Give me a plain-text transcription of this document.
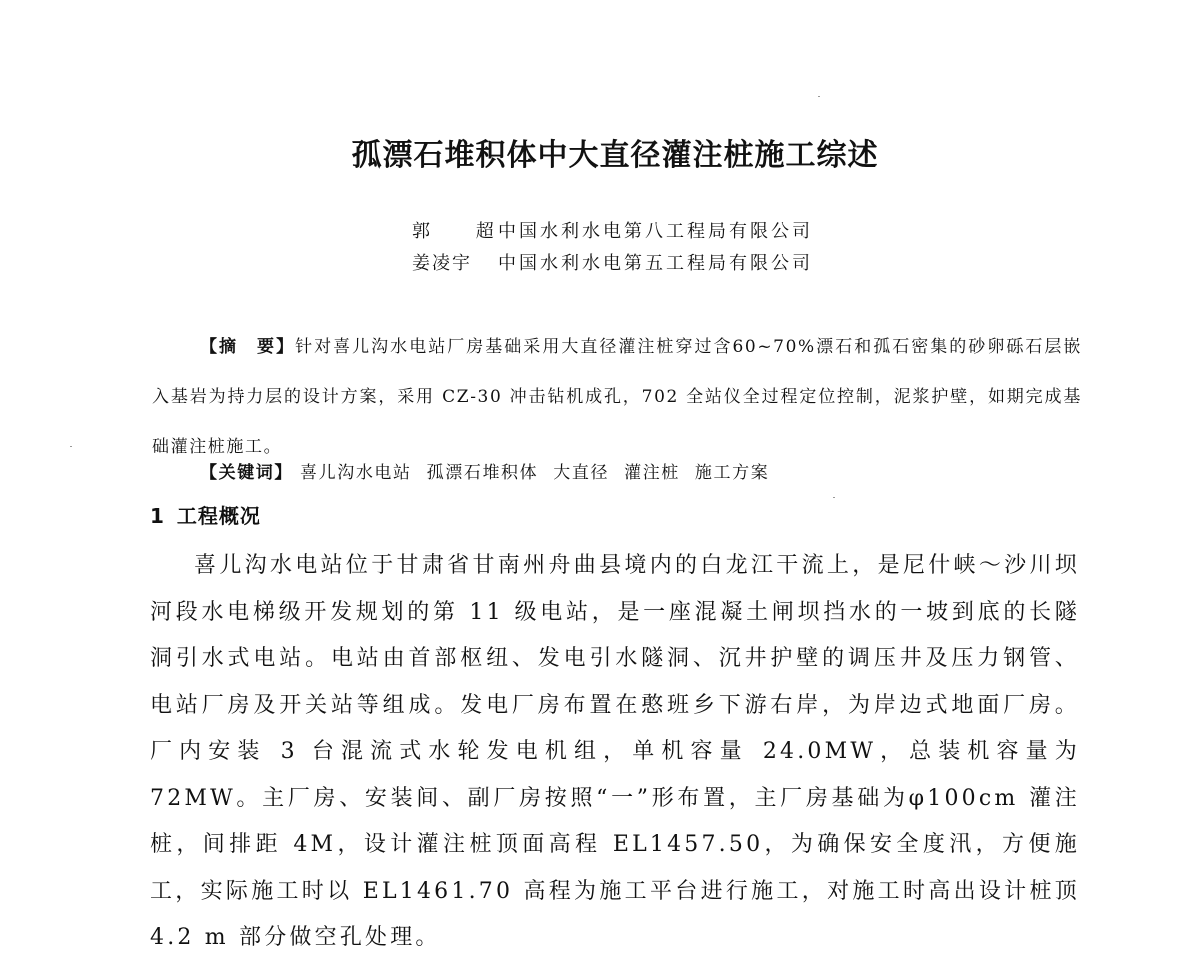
孤漂石堆积体中大直径灌注桩施工综述
郭 超
中国水利水电第八工程局有限公司
姜凌宇	中国水利水电第五工程局有限公司
【摘　要】针对喜儿沟水电站厂房基础采用大直径灌注桩穿过含60~70%漂石和孤石密集的砂卵砾石层嵌入基岩为持力层的设计方案，采用 CZ-30 冲击钻机成孔，702 全站仪全过程定位控制，泥浆护壁，如期完成基础灌注桩施工。
【关键词】 喜儿沟水电站 孤漂石堆积体 大直径 灌注桩 施工方案
1 工程概况
喜儿沟水电站位于甘肃省甘南州舟曲县境内的白龙江干流上，是尼什峡～沙川坝河段水电梯级开发规划的第 11 级电站，是一座混凝土闸坝挡水的一坡到底的长隧洞引水式电站。电站由首部枢纽、发电引水隧洞、沉井护壁的调压井及压力钢管、电站厂房及开关站等组成。发电厂房布置在憨班乡下游右岸，为岸边式地面厂房。厂内安装 3 台混流式水轮发电机组，单机容量 24.0MW，总装机容量为 72MW。主厂房、安装间、副厂房按照“一”形布置，主厂房基础为φ100cm 灌注桩，间排距 4M，设计灌注桩顶面高程 EL1457.50，为确保安全度汛，方便施工，实际施工时以 EL1461.70 高程为施工平台进行施工，对施工时高出设计桩顶 4.2 m 部分做空孔处理。
